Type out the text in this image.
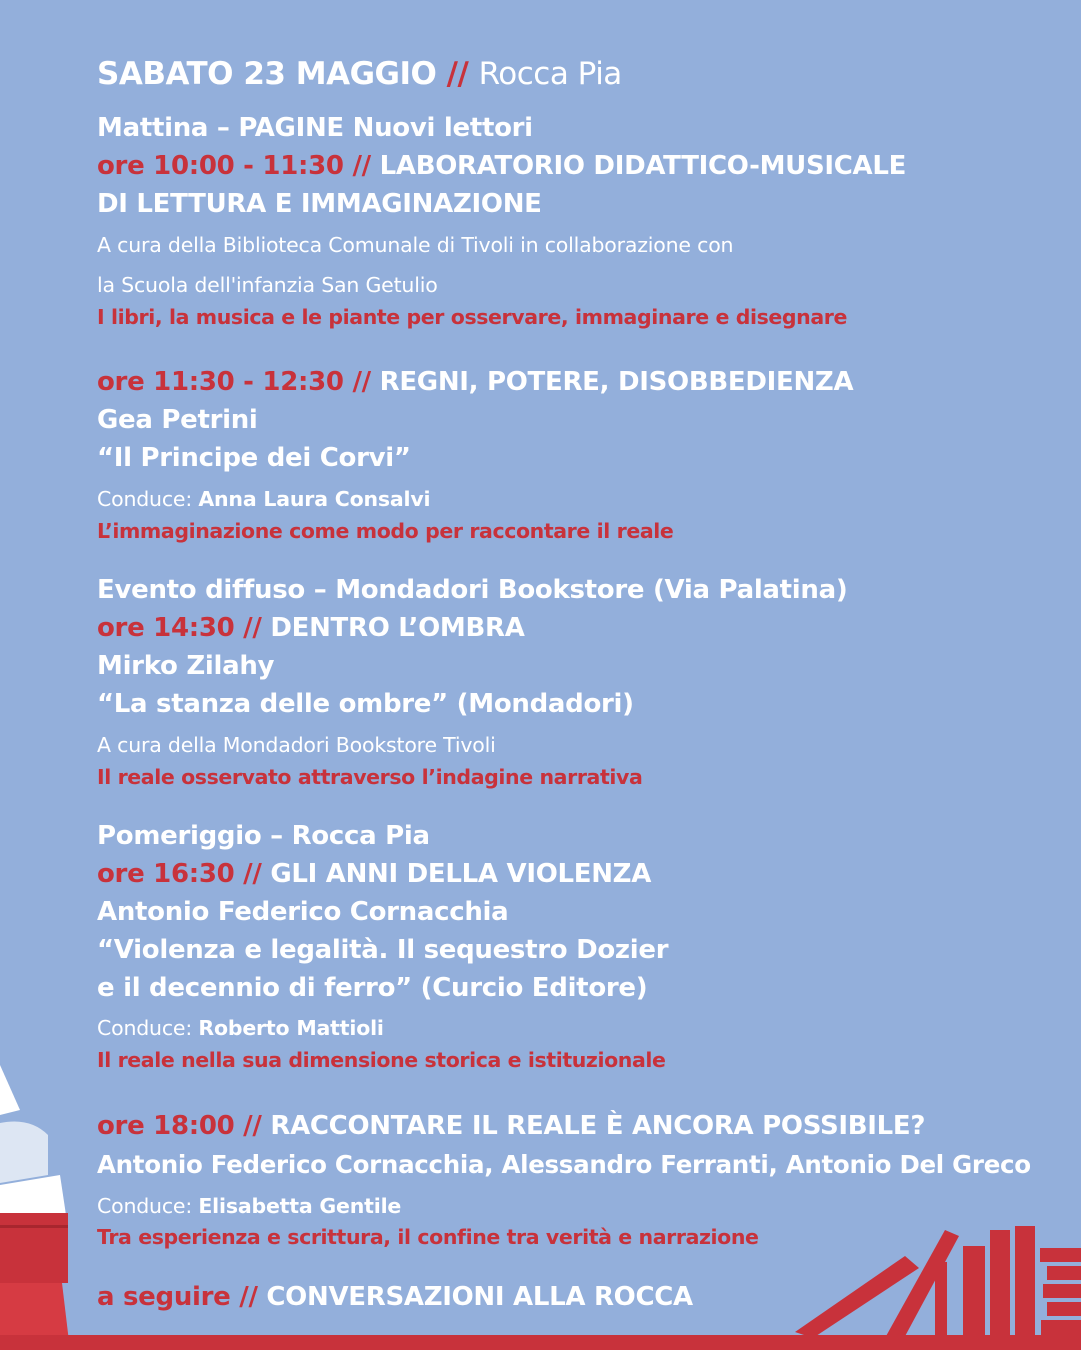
SABATO 23 MAGGIO // Rocca Pia
Mattina – PAGINE Nuovi lettori
ore 10:00 - 11:30 // LABORATORIO DIDATTICO-MUSICALE
DI LETTURA E IMMAGINAZIONE
A cura della Biblioteca Comunale di Tivoli in collaborazione con
la Scuola dell'infanzia San Getulio
I libri, la musica e le piante per osservare, immaginare e disegnare
ore 11:30 - 12:30 // REGNI, POTERE, DISOBBEDIENZA
Gea Petrini
“Il Principe dei Corvi”
Conduce: Anna Laura Consalvi
L’immaginazione come modo per raccontare il reale
Evento diffuso – Mondadori Bookstore (Via Palatina)
ore 14:30 // DENTRO L’OMBRA
Mirko Zilahy
“La stanza delle ombre” (Mondadori)
A cura della Mondadori Bookstore Tivoli
Il reale osservato attraverso l’indagine narrativa
Pomeriggio – Rocca Pia
ore 16:30 // GLI ANNI DELLA VIOLENZA
Antonio Federico Cornacchia
“Violenza e legalità. Il sequestro Dozier
e il decennio di ferro” (Curcio Editore)
Conduce: Roberto Mattioli
Il reale nella sua dimensione storica e istituzionale
ore 18:00 // RACCONTARE IL REALE È ANCORA POSSIBILE?
Antonio Federico Cornacchia, Alessandro Ferranti, Antonio Del Greco
Conduce: Elisabetta Gentile
Tra esperienza e scrittura, il confine tra verità e narrazione
a seguire // CONVERSAZIONI ALLA ROCCA
